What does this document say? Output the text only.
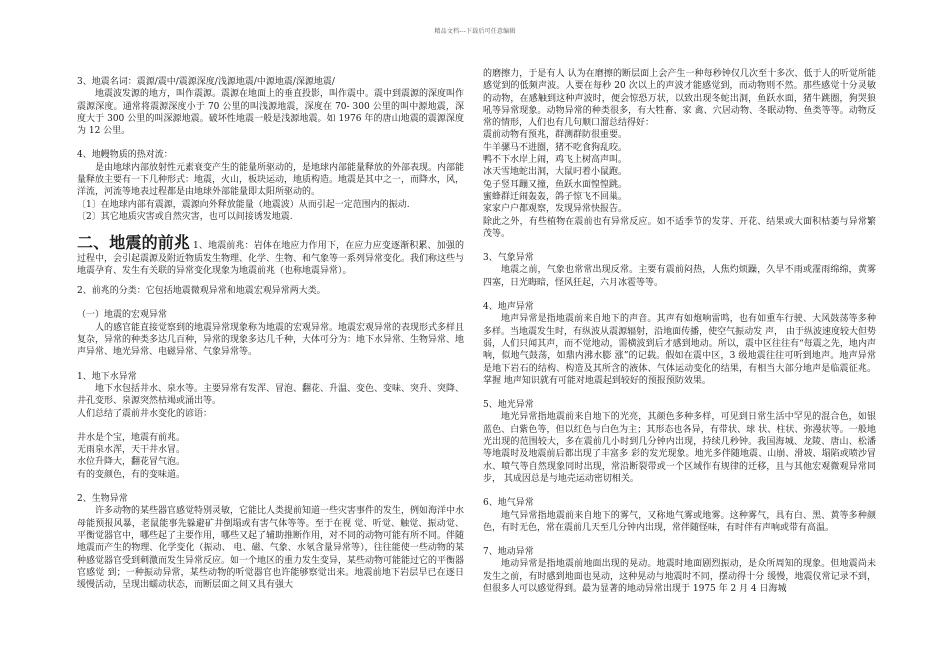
精品文档---下载后可任意编辑

3、地震名词：震源/震中/震源深度/浅源地震/中源地震/深源地震/

地震波发源的地方，叫作震源。震源在地面上的垂直投影，叫作震中。震中到震源的深度叫作震源深度。通常将震源深度小于 70 公里的叫浅源地震，深度在 70- 300 公里的叫中源地震，深度大于 300 公里的叫深源地震。破坏性地震一般是浅源地震。如 1976 年的唐山地震的震源深度为 12 公里。

4、地幔物质的热对流：

是由地球内部放射性元素衰变产生的能量所驱动的，是地球内部能量释放的外部表现。内部能量释放主要有一下几种形式：地震，火山，板块运动，地质构造。地震是其中之一，而降水，风，洋流，河流等地表过程都是由地球外部能量即太阳所驱动的。

〔1〕在地球内部有震源，震源向外释放能量（地震波）从而引起一定范围内的振动.

〔2〕其它地质灾害或自然灾害，也可以间接诱发地震.

二、地震的前兆 1、地震前兆：岩体在地应力作用下，在应力应变逐渐积累、加强的过程中，会引起震源及附近物质发生物理、化学、生物、和气象等一系列异常变化。我们称这些与地震孕育、发生有关联的异常变化现象为地震前兆（也称地震异常）。

2、前兆的分类：它包括地震微观异常和地震宏观异常两大类。

（一）地震的宏观异常

人的感官能直接觉察到的地震异常现象称为地震的宏观异常。地震宏观异常的表现形式多样且复杂，异常的种类多达几百种，异常的现象多达几千种，大体可分为：地下水异常、生物异常、地声异常、地光异常、电磁异常、气象异常等。

1、地下水异常

地下水包括井水、泉水等。主要异常有发浑、冒泡、翻花、升温、变色、变味、突升、突降、井孔变形、泉源突然枯竭或涌出等。

人们总结了震前井水变化的谚语：

井水是个宝，地震有前兆。

无雨泉水浑，天干井水冒。

水位升降大，翻花冒气泡。

有的变颜色，有的变味道。

2、生物异常

许多动物的某些器官感觉特别灵敏，它能比人类提前知道一些灾害事件的发生，例如海洋中水母能预报风暴，老鼠能事先躲避矿井倒塌或有害气体等等。至于在视 觉、听觉、触觉、振动觉、平衡觉器官中，哪些起了主要作用，哪些又起了辅助推断作用，对不同的动物可能有所不同。伴随地震而产生的物理、化学变化（振动、 电、磁、气象、水氡含量异常等），往往能使一些动物的某种感觉器官受到刺激而发生异常反应。如一个地区的重力发生变异，某些动物可能能过它的平衡器官感觉 到；一种振动异常，某些动物的听觉器官也许能够察觉出来。地震前地下岩层早已在逐日缓慢活动，呈现出蠕动状态，而断层面之间又具有强大

的磨擦力，于是有人 认为在磨擦的断层面上会产生一种每秒钟仅几次至十多次、低于人的听觉所能感觉到的低频声波。人要在每秒 20 次以上的声波才能感觉到，而动物则不然。那些感觉十分灵敏的动物，在感触到这种声波时，便会惊恐万状，以致出现冬蛇出洞，鱼跃水面，猪牛跳圈，狗哭狼吼等异常现象。动物异常的种类很多，有大牲畜、家 禽、穴居动物、冬眠动物、鱼类等等。动物反常的情形，人们也有几句顺口溜总结得好：

震前动物有预兆，群测群防很重要。

牛羊骡马不进圈，猪不吃食狗乱咬。

鸭不下水岸上闹，鸡飞上树高声叫。

冰天雪地蛇出洞，大鼠叼着小鼠跑。

兔子竖耳蹦又撞，鱼跃水面惶惶跳。

蜜蜂群迁闹轰轰，鸽子惊飞不回巢。

家家户户都观察，发现异常快报告。

除此之外，有些植物在震前也有异常反应。如不适季节的发芽、开花、结果或大面积枯萎与异常繁茂等。

3、气象异常

地震之前，气象也常常出现反常。主要有震前闷热，人焦灼烦躁，久旱不雨或霪雨绵绵，黄雾四塞，日光晦暗，怪风狂起，六月冰雹等等。

4、地声异常

地声异常是指地震前来自地下的声音。其声有如炮响雷鸣，也有如重车行驶、大风鼓荡等多种多样。当地震发生时，有纵波从震源辐射，沿地面传播，使空气振动发 声， 由于纵波速度较大但势弱，人们只闻其声，而不觉地动，需横波到后才感到地动。所以，震中区往往有“每震之先，地内声响，似地气鼓荡，如鼎内沸水膨 涨”的记载。假如在震中区，3 级地震往往可听到地声。地声异常是地下岩石的结构、构造及其所含的液体、气体运动变化的结果，有相当大部分地声是临震征兆。掌握 地声知识就有可能对地震起到较好的预报预防效果。

5、地光异常

地光异常指地震前来自地下的光亮，其颜色多种多样，可见到日常生活中罕见的混合色，如银蓝色、白紫色等，但以红色与白色为主；其形态也各异，有带状、球 状、柱状、弥漫状等。一般地光出现的范围较大，多在震前几小时到几分钟内出现，持续几秒钟。我国海城、龙陵、唐山、松潘等地震时及地震前后都出现了丰富多 彩的发光现象。地光多伴随地震、山崩、滑坡、塌陷或喷沙冒水、喷气等自然现象同时出现，常沿断裂带或一个区域作有规律的迁移，且与其他宏观微观异常同步， 其成因总是与地壳运动密切相关。

6、地气异常

地气异常指地震前来自地下的雾气，又称地气雾或地雾。这种雾气，具有白、黑、黄等多种颜色，有时无色，常在震前几天至几分钟内出现，常伴随怪味，有时伴有声响或带有高温。

7、地动异常

地动异常是指地震前地面出现的晃动。地震时地面剧烈振动，是众所周知的现象。但地震尚未发生之前，有时感到地面也晃动，这种晃动与地震时不同，摆动得十分 缓慢，地震仪常记录不到，但很多人可以感觉得到。最为显著的地动异常出现于 1975 年 2 月 4 日海城
